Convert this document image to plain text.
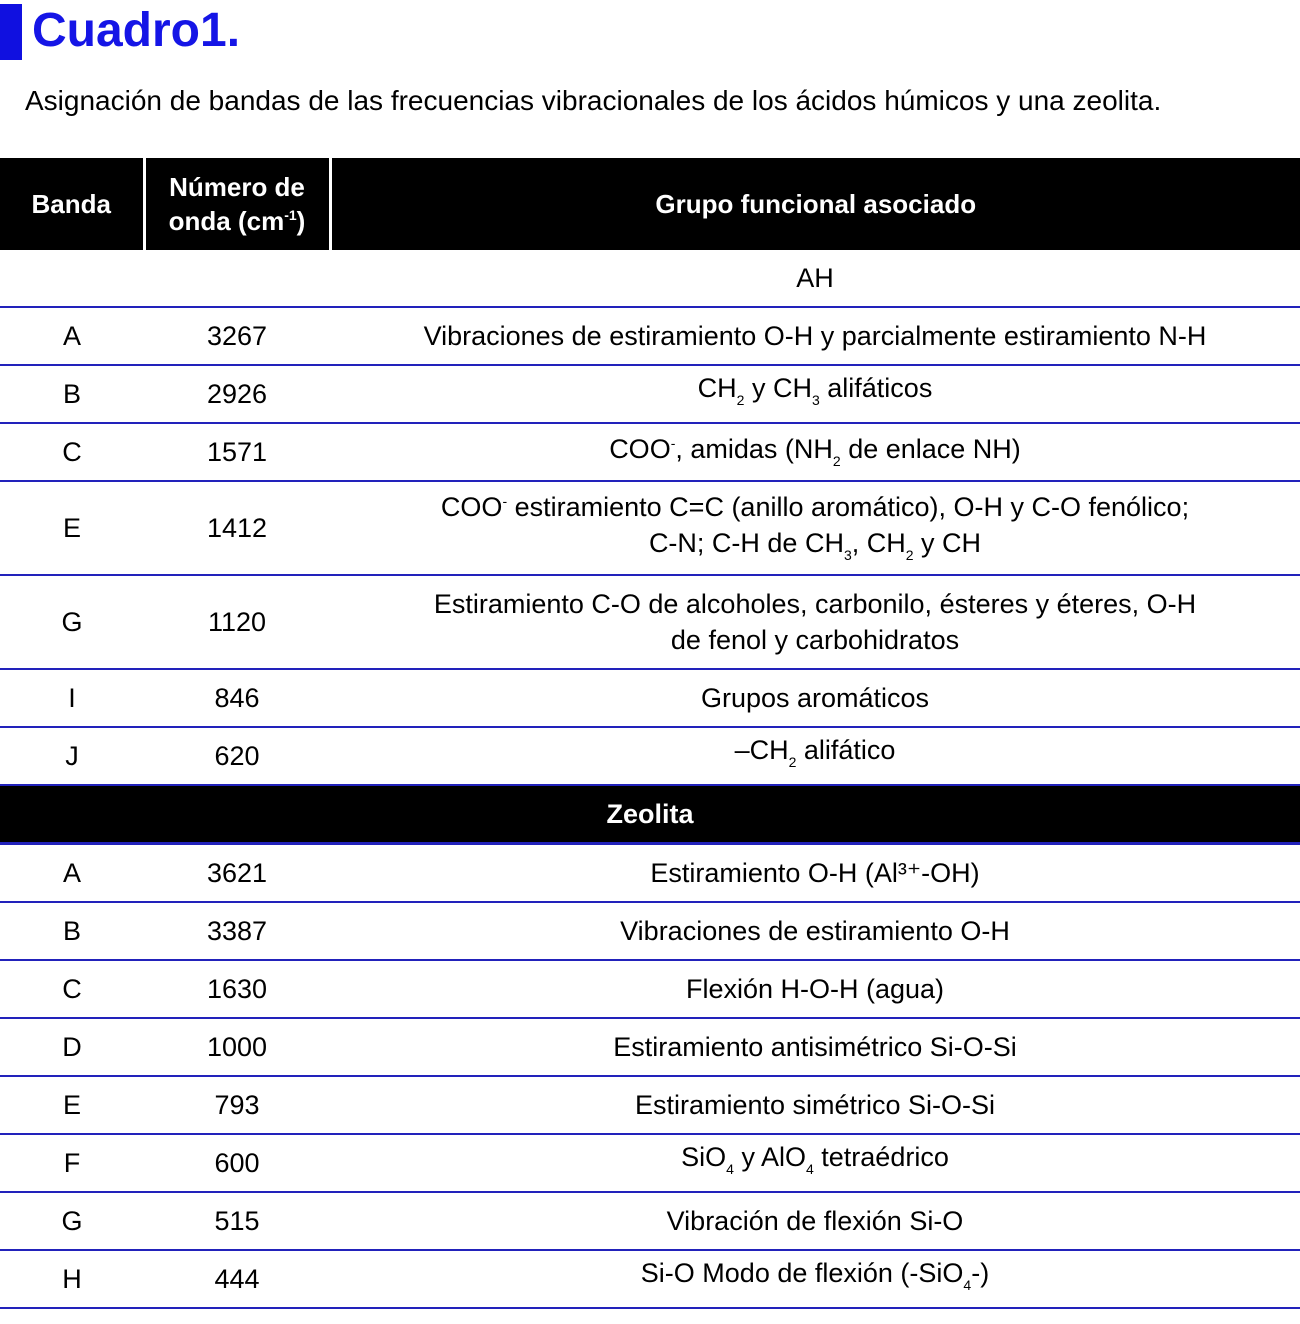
Cuadro1.
Asignación de bandas de las frecuencias vibracionales de los ácidos húmicos y una zeolita.
Banda	Número de onda $(cm^{-1})$	Grupo funcional asociado
		AH
A	3267	Vibraciones de estiramiento O-H y parcialmente estiramiento N-H
B	2926	$CH_2$ y $CH_3$ alifáticos
C	1571	COO-, amidas ($NH_2$ de enlace NH)
E	1412	COO- estiramiento C=C (anillo aromático), O-H y C-O fenólico;
C-N; C-H de $CH_3$, $CH_2$ y CH
G	1120	Estiramiento C-O de alcoholes, carbonilo, ésteres y éteres, O-H
de fenol y carbohidratos
I	846	Grupos aromáticos
J	620	$-CH_2$ alifático
Zeolita		
A	3621	Estiramiento O-H (Al³⁺-OH)
B	3387	Vibraciones de estiramiento O-H
C	1630	Flexión H-O-H (agua)
D	1000	Estiramiento antisimétrico Si-O-Si
E	793	Estiramiento simétrico Si-O-Si
F	600	SiO$_4$ y AlO$_4$ tetraédrico
G	515	Vibración de flexión Si-O
H	444	Si-O Modo de flexión (-SiO$_4$-)
